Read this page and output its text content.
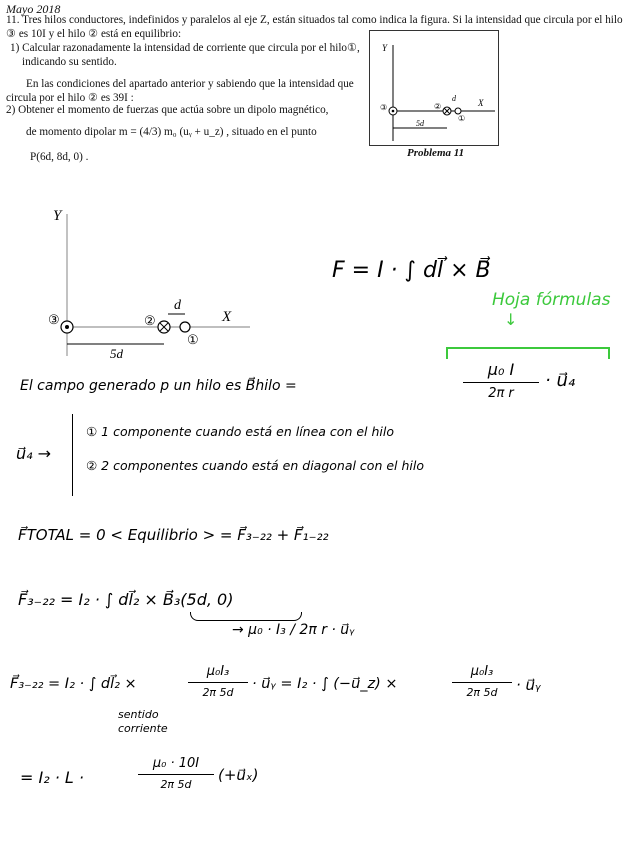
Mayo 2018

11. Tres hilos conductores, indefinidos y paralelos al eje Z, están situados tal como indica la figura. Si la intensidad que circula por el hilo ③ es 10I y el hilo ② está en equilibrio:

1) Calcular razonadamente la intensidad de corriente que circula por el hilo①, indicando su sentido.

En las condiciones del apartado anterior y sabiendo que la intensidad que circula por el hilo ② es 39I :

2) Obtener el momento de fuerzas que actúa sobre un dipolo magnético,

de momento dipolar m = (4/3) m₀ (uᵧ + u_z) , situado en el punto
P(6d, 8d, 0) .
Y
X
③	②
①
d
5d
Problema 11
Y
X
③	②
①
d
5d
F = I · ∫ dl⃗ × B⃗
Hoja fórmulas
↓
El campo generado p un hilo es B⃗hilo =
μ₀ I
2π r
· u⃗₄
u⃗₄ →
① 1 componente cuando está en línea con el hilo
② 2 componentes cuando está en diagonal con el hilo
F⃗TOTAL = 0 < Equilibrio > = F⃗₃₋₂₂ + F⃗₁₋₂₂
F⃗₃₋₂₂ = I₂ · ∫ dl⃗₂ × B⃗₃(5d, 0)
→ μ₀ · I₃ / 2π r · u⃗ᵧ
F⃗₃₋₂₂ = I₂ · ∫ dl⃗₂ ×
μ₀I₃
2π 5d
· u⃗ᵧ = I₂ · ∫ (−u⃗_z) ×
μ₀I₃
2π 5d	· u⃗ᵧ
sentido corriente
= I₂ · L ·
μ₀ · 10I
2π 5d
(+u⃗ₓ)
